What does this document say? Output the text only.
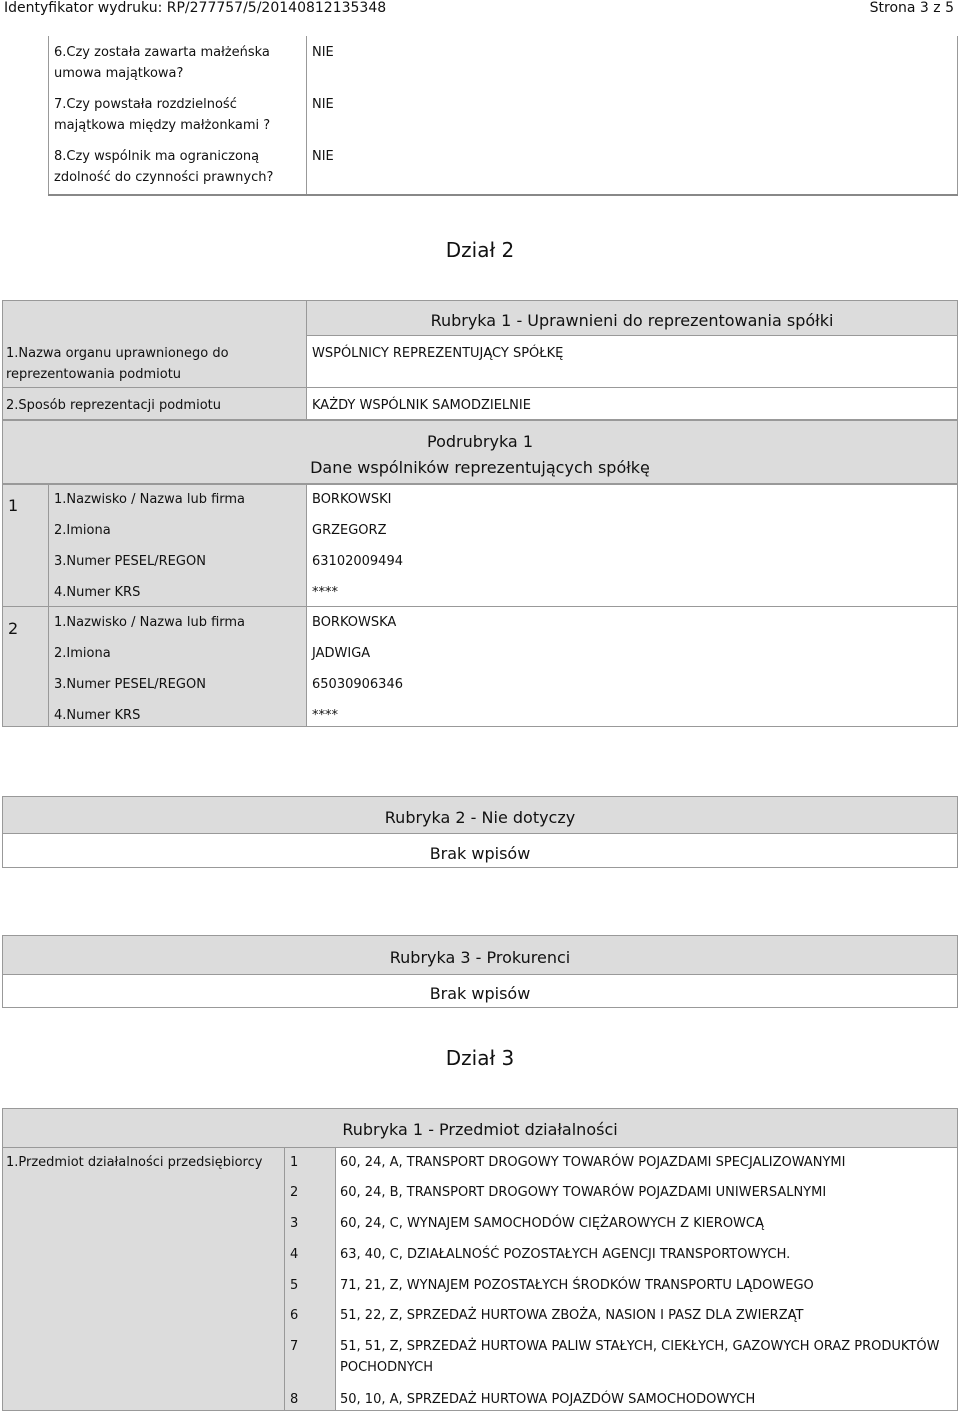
Identyfikator wydruku: RP/277757/5/20140812135348	Strona 3 z 5
6.Czy została zawarta małżeńska umowa majątkowa?
NIE
7.Czy powstała rozdzielność majątkowa między małżonkami ?
NIE
8.Czy wspólnik ma ograniczoną zdolność do czynności prawnych?
NIE
Dział 2
Rubryka 1 - Uprawnieni do reprezentowania spółki
1.Nazwa organu uprawnionego do reprezentowania podmiotu
WSPÓLNICY REPREZENTUJĄCY SPÓŁKĘ
2.Sposób reprezentacji podmiotu	KAŻDY WSPÓLNIK SAMODZIELNIE
Podrubryka 1
Dane wspólników reprezentujących spółkę
1	1.Nazwisko / Nazwa lub firma	BORKOWSKI
2.Imiona	GRZEGORZ
3.Numer PESEL/REGON	63102009494
4.Numer KRS	****
2	1.Nazwisko / Nazwa lub firma	BORKOWSKA
2.Imiona	JADWIGA
3.Numer PESEL/REGON	65030906346
4.Numer KRS	****
Rubryka 2 - Nie dotyczy
Brak wpisów
Rubryka 3 - Prokurenci
Brak wpisów
Dział 3
Rubryka 1 - Przedmiot działalności
1.Przedmiot działalności przedsiębiorcy 1	60, 24, A, TRANSPORT DROGOWY TOWARÓW POJAZDAMI SPECJALIZOWANYMI
2	60, 24, B, TRANSPORT DROGOWY TOWARÓW POJAZDAMI UNIWERSALNYMI
3	60, 24, C, WYNAJEM SAMOCHODÓW CIĘŻAROWYCH Z KIEROWCĄ
4	63, 40, C, DZIAŁALNOŚĆ POZOSTAŁYCH AGENCJI TRANSPORTOWYCH.
5	71, 21, Z, WYNAJEM POZOSTAŁYCH ŚRODKÓW TRANSPORTU LĄDOWEGO
6	51, 22, Z, SPRZEDAŻ HURTOWA ZBOŻA, NASION I PASZ DLA ZWIERZĄT
7	51, 51, Z, SPRZEDAŻ HURTOWA PALIW STAŁYCH, CIEKŁYCH, GAZOWYCH ORAZ PRODUKTÓW POCHODNYCH
8	50, 10, A, SPRZEDAŻ HURTOWA POJAZDÓW SAMOCHODOWYCH
